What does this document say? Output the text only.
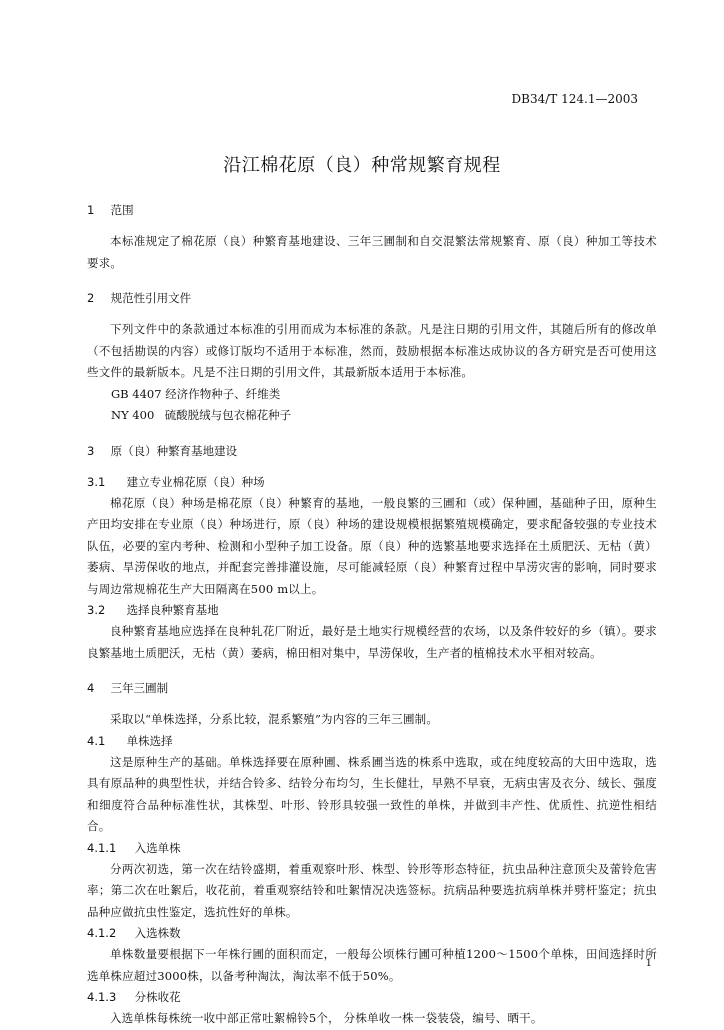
DB34/T 124.1—2003
沿江棉花原（良）种常规繁育规程
1 范围

本标准规定了棉花原（良）种繁育基地建设、三年三圃制和自交混繁法常规繁育、原（良）种加工等技术要求。

2 规范性引用文件

下列文件中的条款通过本标准的引用而成为本标准的条款。凡是注日期的引用文件，其随后所有的修改单（不包括勘误的内容）或修订版均不适用于本标准，然而，鼓励根据本标准达成协议的各方研究是否可使用这些文件的最新版本。凡是不注日期的引用文件，其最新版本适用于本标准。

GB 4407 经济作物种子、纤维类

NY 400 硫酸脱绒与包衣棉花种子

3 原（良）种繁育基地建设
3.1 建立专业棉花原（良）种场

棉花原（良）种场是棉花原（良）种繁育的基地，一般良繁的三圃和（或）保种圃，基础种子田，原种生产田均安排在专业原（良）种场进行，原（良）种场的建设规模根据繁殖规模确定，要求配备较强的专业技术队伍，必要的室内考种、检测和小型种子加工设备。原（良）种的选繁基地要求选择在土质肥沃、无枯（黄）萎病、旱涝保收的地点，并配套完善排灌设施，尽可能减轻原（良）种繁育过程中旱涝灾害的影响，同时要求与周边常规棉花生产大田隔离在500 m以上。

3.2 选择良种繁育基地

良种繁育基地应选择在良种轧花厂附近，最好是土地实行规模经营的农场，以及条件较好的乡（镇）。要求良繁基地土质肥沃，无枯（黄）萎病，棉田相对集中，旱涝保收，生产者的植棉技术水平相对较高。

4 三年三圃制

采取以“单株选择，分系比较，混系繁殖”为内容的三年三圃制。

4.1 单株选择

这是原种生产的基础。单株选择要在原种圃、株系圃当选的株系中选取，或在纯度较高的大田中选取，选具有原品种的典型性状，并结合铃多、结铃分布均匀，生长健壮，早熟不早衰，无病虫害及衣分、绒长、强度和细度符合品种标准性状，其株型、叶形、铃形具较强一致性的单株，并做到丰产性、优质性、抗逆性相结合。

4.1.1 入选单株

分两次初选，第一次在结铃盛期，着重观察叶形、株型、铃形等形态特征，抗虫品种注意顶尖及蕾铃危害率；第二次在吐絮后，收花前，着重观察结铃和吐絮情况决选签标。抗病品种要选抗病单株并劈杆鉴定；抗虫品种应做抗虫性鉴定，选抗性好的单株。

4.1.2 入选株数

单株数量要根据下一年株行圃的面积而定，一般每公顷株行圃可种植1200～1500个单株，田间选择时所选单株应超过3000株，以备考种淘汰，淘汰率不低于50%。

4.1.3 分株收花

入选单株每株统一收中部正常吐絮棉铃5个， 分株单收一株一袋装袋，编号、晒干。

1
